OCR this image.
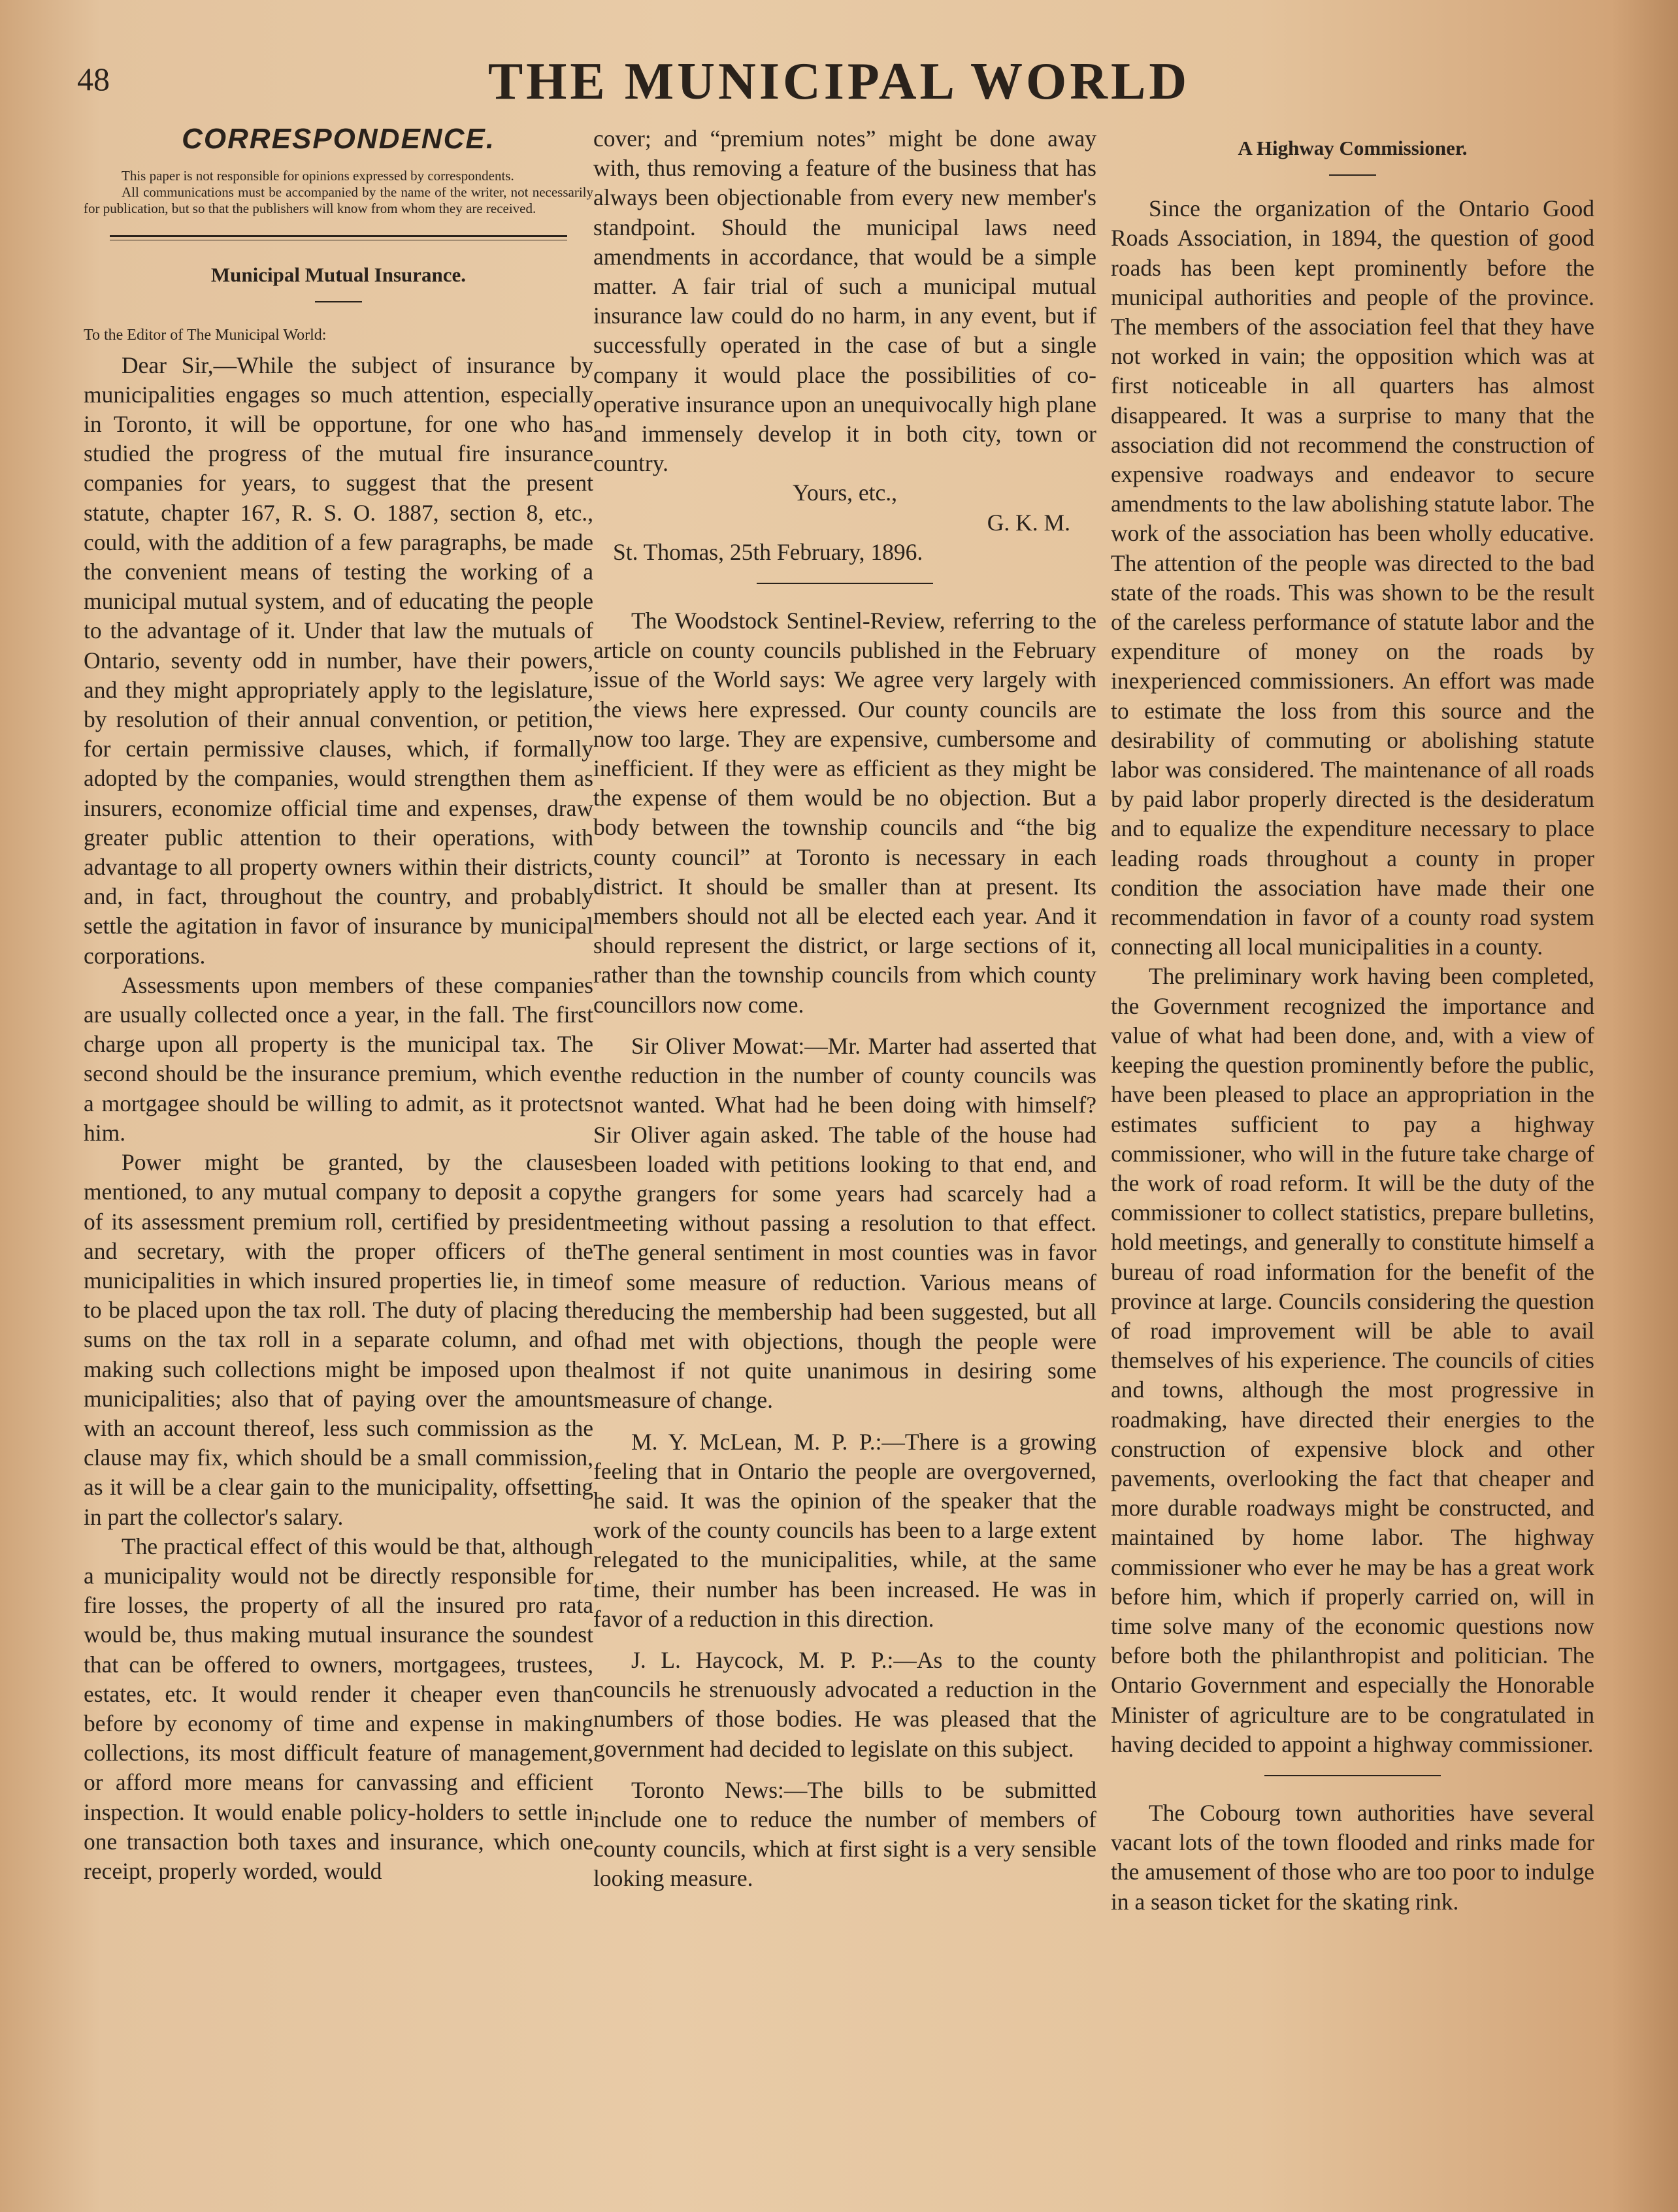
48	THE MUNICIPAL WORLD
CORRESPONDENCE.

This paper is not responsible for opinions expressed by correspondents.

All communications must be accompanied by the name of the writer, not necessarily for publication, but so that the publishers will know from whom they are received.

Municipal Mutual Insurance.

To the Editor of The Municipal World:

Dear Sir,—While the subject of insurance by municipalities engages so much attention, especially in Toronto, it will be opportune, for one who has studied the progress of the mutual fire insurance companies for years, to suggest that the present statute, chapter 167, R. S. O. 1887, section 8, etc., could, with the addition of a few paragraphs, be made the convenient means of testing the working of a municipal mutual system, and of educating the people to the advantage of it. Under that law the mutuals of Ontario, seventy odd in number, have their powers, and they might appropriately apply to the legislature, by resolution of their annual convention, or petition, for certain permissive clauses, which, if formally adopted by the companies, would strengthen them as insurers, economize official time and expenses, draw greater public attention to their operations, with advantage to all property owners within their districts, and, in fact, throughout the country, and probably settle the agitation in favor of insurance by municipal corporations.

Assessments upon members of these companies are usually collected once a year, in the fall. The first charge upon all property is the municipal tax. The second should be the insurance premium, which even a mortgagee should be willing to admit, as it protects him.

Power might be granted, by the clauses mentioned, to any mutual company to deposit a copy of its assessment premium roll, certified by president and secretary, with the proper officers of the municipalities in which insured properties lie, in time to be placed upon the tax roll. The duty of placing the sums on the tax roll in a separate column, and of making such collections might be imposed upon the municipalities; also that of paying over the amounts with an account thereof, less such commission as the clause may fix, which should be a small commission, as it will be a clear gain to the municipality, offsetting in part the collector's salary.

The practical effect of this would be that, although a municipality would not be directly responsible for fire losses, the property of all the insured pro rata would be, thus making mutual insurance the soundest that can be offered to owners, mortgagees, trustees, estates, etc. It would render it cheaper even than before by economy of time and expense in making collections, its most difficult feature of management, or afford more means for canvassing and efficient inspection. It would enable policy-holders to settle in one transaction both taxes and insurance, which one receipt, properly worded, would

cover; and “premium notes” might be done away with, thus removing a feature of the business that has always been objectionable from every new member's standpoint. Should the municipal laws need amendments in accordance, that would be a simple matter. A fair trial of such a municipal mutual insurance law could do no harm, in any event, but if successfully operated in the case of but a single company it would place the possibilities of co-operative insurance upon an unequivocally high plane and immensely develop it in both city, town or country.

Yours, etc.,

G. K. M.

St. Thomas, 25th February, 1896.

The Woodstock Sentinel-Review, referring to the article on county councils published in the February issue of the World says: We agree very largely with the views here expressed. Our county councils are now too large. They are expensive, cumbersome and inefficient. If they were as efficient as they might be the expense of them would be no objection. But a body between the township councils and “the big county council” at Toronto is necessary in each district. It should be smaller than at present. Its members should not all be elected each year. And it should represent the district, or large sections of it, rather than the township councils from which county councillors now come.

Sir Oliver Mowat:—Mr. Marter had asserted that the reduction in the number of county councils was not wanted. What had he been doing with himself? Sir Oliver again asked. The table of the house had been loaded with petitions looking to that end, and the grangers for some years had scarcely had a meeting without passing a resolution to that effect. The general sentiment in most counties was in favor of some measure of reduction. Various means of reducing the membership had been suggested, but all had met with objections, though the people were almost if not quite unanimous in desiring some measure of change.

M. Y. McLean, M. P. P.:—There is a growing feeling that in Ontario the people are overgoverned, he said. It was the opinion of the speaker that the work of the county councils has been to a large extent relegated to the municipalities, while, at the same time, their number has been increased. He was in favor of a reduction in this direction.

J. L. Haycock, M. P. P.:—As to the county councils he strenuously advocated a reduction in the numbers of those bodies. He was pleased that the government had decided to legislate on this subject.

Toronto News:—The bills to be submitted include one to reduce the number of members of county councils, which at first sight is a very sensible looking measure.

A Highway Commissioner.

Since the organization of the Ontario Good Roads Association, in 1894, the question of good roads has been kept prominently before the municipal authorities and people of the province. The members of the association feel that they have not worked in vain; the opposition which was at first noticeable in all quarters has almost disappeared. It was a surprise to many that the association did not recommend the construction of expensive roadways and endeavor to secure amendments to the law abolishing statute labor. The work of the association has been wholly educative. The attention of the people was directed to the bad state of the roads. This was shown to be the result of the careless performance of statute labor and the expenditure of money on the roads by inexperienced commissioners. An effort was made to estimate the loss from this source and the desirability of commuting or abolishing statute labor was considered. The maintenance of all roads by paid labor properly directed is the desideratum and to equalize the expenditure necessary to place leading roads throughout a county in proper condition the association have made their one recommendation in favor of a county road system connecting all local municipalities in a county.

The preliminary work having been completed, the Government recognized the importance and value of what had been done, and, with a view of keeping the question prominently before the public, have been pleased to place an appropriation in the estimates sufficient to pay a highway commissioner, who will in the future take charge of the work of road reform. It will be the duty of the commissioner to collect statistics, prepare bulletins, hold meetings, and generally to constitute himself a bureau of road information for the benefit of the province at large. Councils considering the question of road improvement will be able to avail themselves of his experience. The councils of cities and towns, although the most progressive in roadmaking, have directed their energies to the construction of expensive block and other pavements, overlooking the fact that cheaper and more durable roadways might be constructed, and maintained by home labor. The highway commissioner who ever he may be has a great work before him, which if properly carried on, will in time solve many of the economic questions now before both the philanthropist and politician. The Ontario Government and especially the Honorable Minister of agriculture are to be congratulated in having decided to appoint a highway commissioner.

The Cobourg town authorities have several vacant lots of the town flooded and rinks made for the amusement of those who are too poor to indulge in a season ticket for the skating rink.
